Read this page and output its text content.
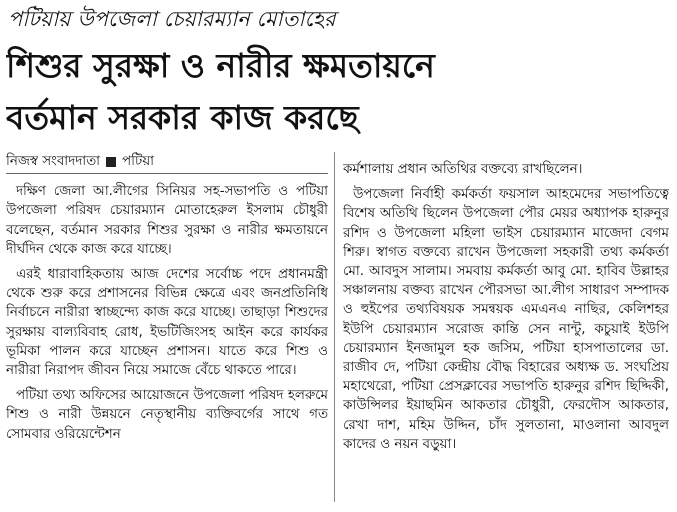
পটিয়ায় উপজেলা চেয়ারম্যান মোতাহের
শিশুর সুরক্ষা ও নারীর ক্ষমতায়নে
বর্তমান সরকার কাজ করছে
নিজস্ব সংবাদদাতা পটিয়া

দক্ষিণ জেলা আ.লীগের সিনিয়র সহ-সভাপতি ও পটিয়া উপজেলা পরিষদ চেয়ারম্যান মোতাহেরুল ইসলাম চৌধুরী বলেছেন, বর্তমান সরকার শিশুর সুরক্ষা ও নারীর ক্ষমতায়নে দীর্ঘদিন থেকে কাজ করে যাচ্ছে।

এরই ধারাবাহিকতায় আজ দেশের সর্বোচ্চ পদে প্রধানমন্ত্রী থেকে শুরু করে প্রশাসনের বিভিন্ন ক্ষেত্রে এবং জনপ্রতিনিধি নির্বাচনে নারীরা স্বাচ্ছন্দ্যে কাজ করে যাচ্ছে। তাছাড়া শিশুদের সুরক্ষায় বাল্যবিবাহ রোধ, ইভটিজিংসহ আইন করে কার্যকর ভূমিকা পালন করে যাচ্ছেন প্রশাসন। যাতে করে শিশু ও নারীরা নিরাপদ জীবন নিয়ে সমাজে বেঁচে থাকতে পারে।

পটিয়া তথ্য অফিসের আয়োজনে উপজেলা পরিষদ হলরুমে শিশু ও নারী উন্নয়নে নেতৃস্থানীয় ব্যক্তিবর্গের সাথে গত সোমবার ওরিয়েন্টেশন

কর্মশালায় প্রধান অতিথির বক্তব্যে রাখছিলেন।

উপজেলা নির্বাহী কর্মকর্তা ফয়সাল আহমেদের সভাপতিত্বে বিশেষ অতিথি ছিলেন উপজেলা পৌর মেয়র অধ্যাপক হারুনুর রশিদ ও উপজেলা মহিলা ভাইস চেয়ারম্যান মাজেদা বেগম শিরু। স্বাগত বক্তব্যে রাখেন উপজেলা সহকারী তথ্য কর্মকর্তা মো. আবদুস সালাম। সমবায় কর্মকর্তা আবু মো. হাবিব উল্লাহর সঞ্চালনায় বক্তব্য রাখেন পৌরসভা আ.লীগ সাধারণ সম্পাদক ও হুইপের তথ্যবিষয়ক সমন্বয়ক এমএনএ নাছির, কেলিশহর ইউপি চেয়ারম্যান সরোজ কান্তি সেন নান্টু, কচুয়াই ইউপি চেয়ারম্যান ইনজামুল হক জসিম, পটিয়া হাসপাতালের ডা. রাজীব দে, পটিয়া কেন্দ্রীয় বৌদ্ধ বিহারের অধ্যক্ষ ড. সংঘপ্রিয় মহাথেরো, পটিয়া প্রেসক্লাবের সভাপতি হারুনুর রশিদ ছিদ্দিকী, কাউন্সিলর ইয়াছমিন আকতার চৌধুরী, ফেরদৌস আকতার, রেখা দাশ, মহিম উদ্দিন, চাঁদ সুলতানা, মাওলানা আবদুল কাদের ও নয়ন বড়ুয়া।
